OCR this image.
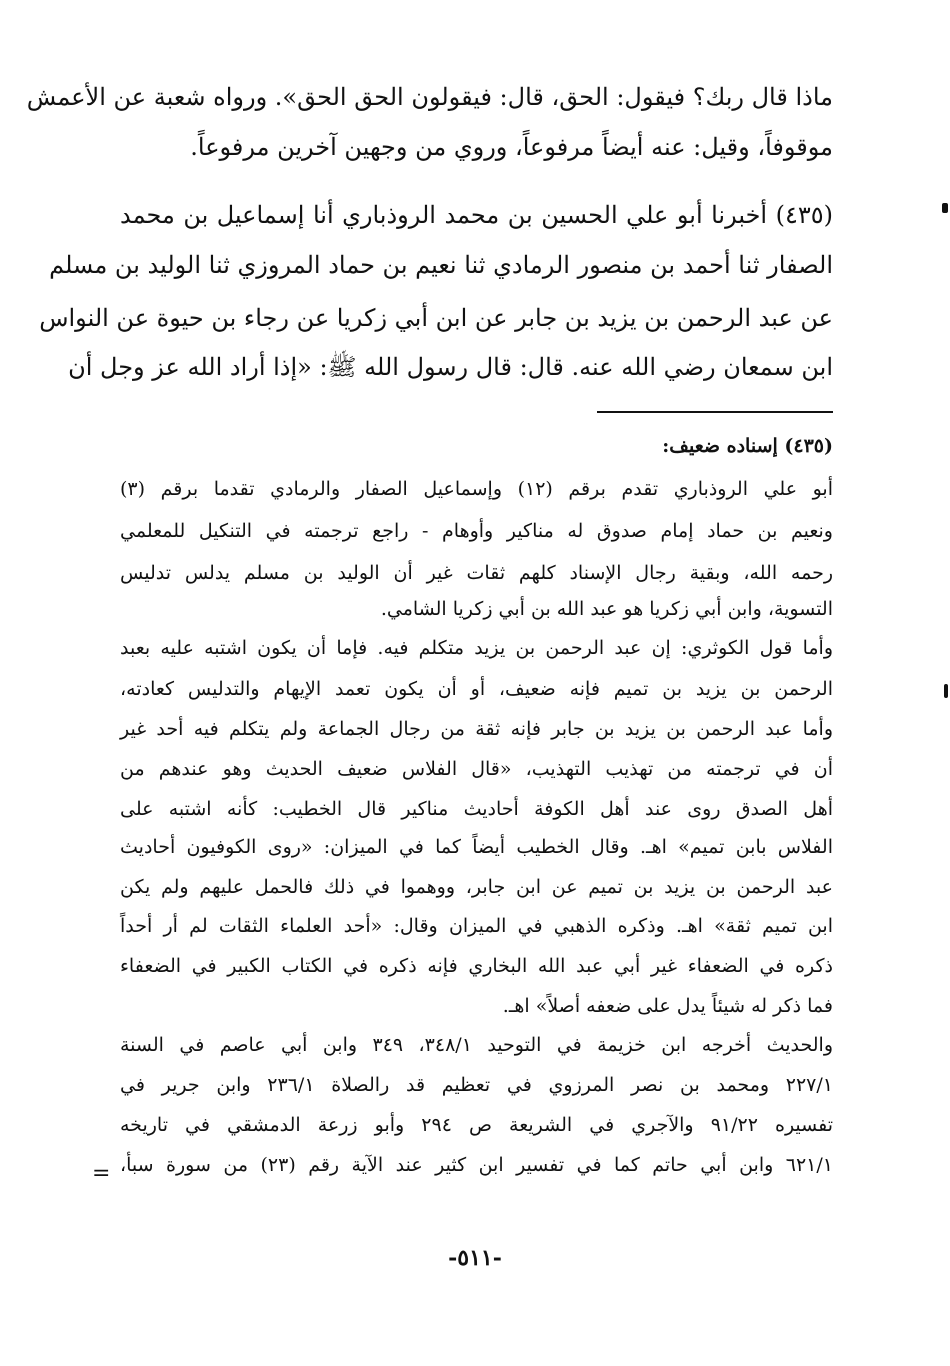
ماذا قال ربك؟ فيقول: الحق، قال: فيقولون الحق الحق». ورواه شعبة عن الأعمش
موقوفاً، وقيل: عنه أيضاً مرفوعاً، وروي من وجهين آخرين مرفوعاً.
(٤٣٥) أخبرنا أبو علي الحسين بن محمد الروذباري أنا إسماعيل بن محمد
الصفار ثنا أحمد بن منصور الرمادي ثنا نعيم بن حماد المروزي ثنا الوليد بن مسلم
عن عبد الرحمن بن يزيد بن جابر عن ابن أبي زكريا عن رجاء بن حيوة عن النواس
ابن سمعان رضي الله عنه. قال: قال رسول الله ﷺ: «إذا أراد الله عز وجل أن
(٤٣٥) إسناده ضعيف:
أبو علي الروذباري تقدم برقم (١٢) وإسماعيل الصفار والرمادي تقدما برقم (٣)
ونعيم بن حماد إمام صدوق له مناكير وأوهام - راجع ترجمته في التنكيل للمعلمي
رحمه الله، وبقية رجال الإسناد كلهم ثقات غير أن الوليد بن مسلم يدلس تدليس
التسوية، وابن أبي زكريا هو عبد الله بن أبي زكريا الشامي.
وأما قول الكوثري: إن عبد الرحمن بن يزيد متكلم فيه. فإما أن يكون اشتبه عليه بعبد
الرحمن بن يزيد بن تميم فإنه ضعيف، أو أن يكون تعمد الإيهام والتدليس كعادته،
وأما عبد الرحمن بن يزيد بن جابر فإنه ثقة من رجال الجماعة ولم يتكلم فيه أحد غير
أن في ترجمته من تهذيب التهذيب، «قال الفلاس ضعيف الحديث وهو عندهم من
أهل الصدق روى عند أهل الكوفة أحاديث مناكير قال الخطيب: كأنه اشتبه على
الفلاس بابن تميم» اهـ. وقال الخطيب أيضاً كما في الميزان: «روى الكوفيون أحاديث
عبد الرحمن بن يزيد بن تميم عن ابن جابر، ووهموا في ذلك فالحمل عليهم ولم يكن
ابن تميم ثقة» اهـ. وذكره الذهبي في الميزان وقال: «أحد العلماء الثقات لم أر أحداً
ذكره في الضعفاء غير أبي عبد الله البخاري فإنه ذكره في الكتاب الكبير في الضعفاء
فما ذكر له شيئاً يدل على ضعفه أصلاً» اهـ.
والحديث أخرجه ابن خزيمة في التوحيد ٣٤٨/١، ٣٤٩ وابن أبي عاصم في السنة
٢٢٧/١ ومحمد بن نصر المرزوي في تعظيم قد رالصلاة ٢٣٦/١ وابن جرير في
تفسيره ٩١/٢٢ والآجري في الشريعة ص ٢٩٤ وأبو زرعة الدمشقي في تاريخه
٦٢١/١ وابن أبي حاتم كما في تفسير ابن كثير عند الآية رقم (٢٣) من سورة سبأ،
=
-٥١١-
